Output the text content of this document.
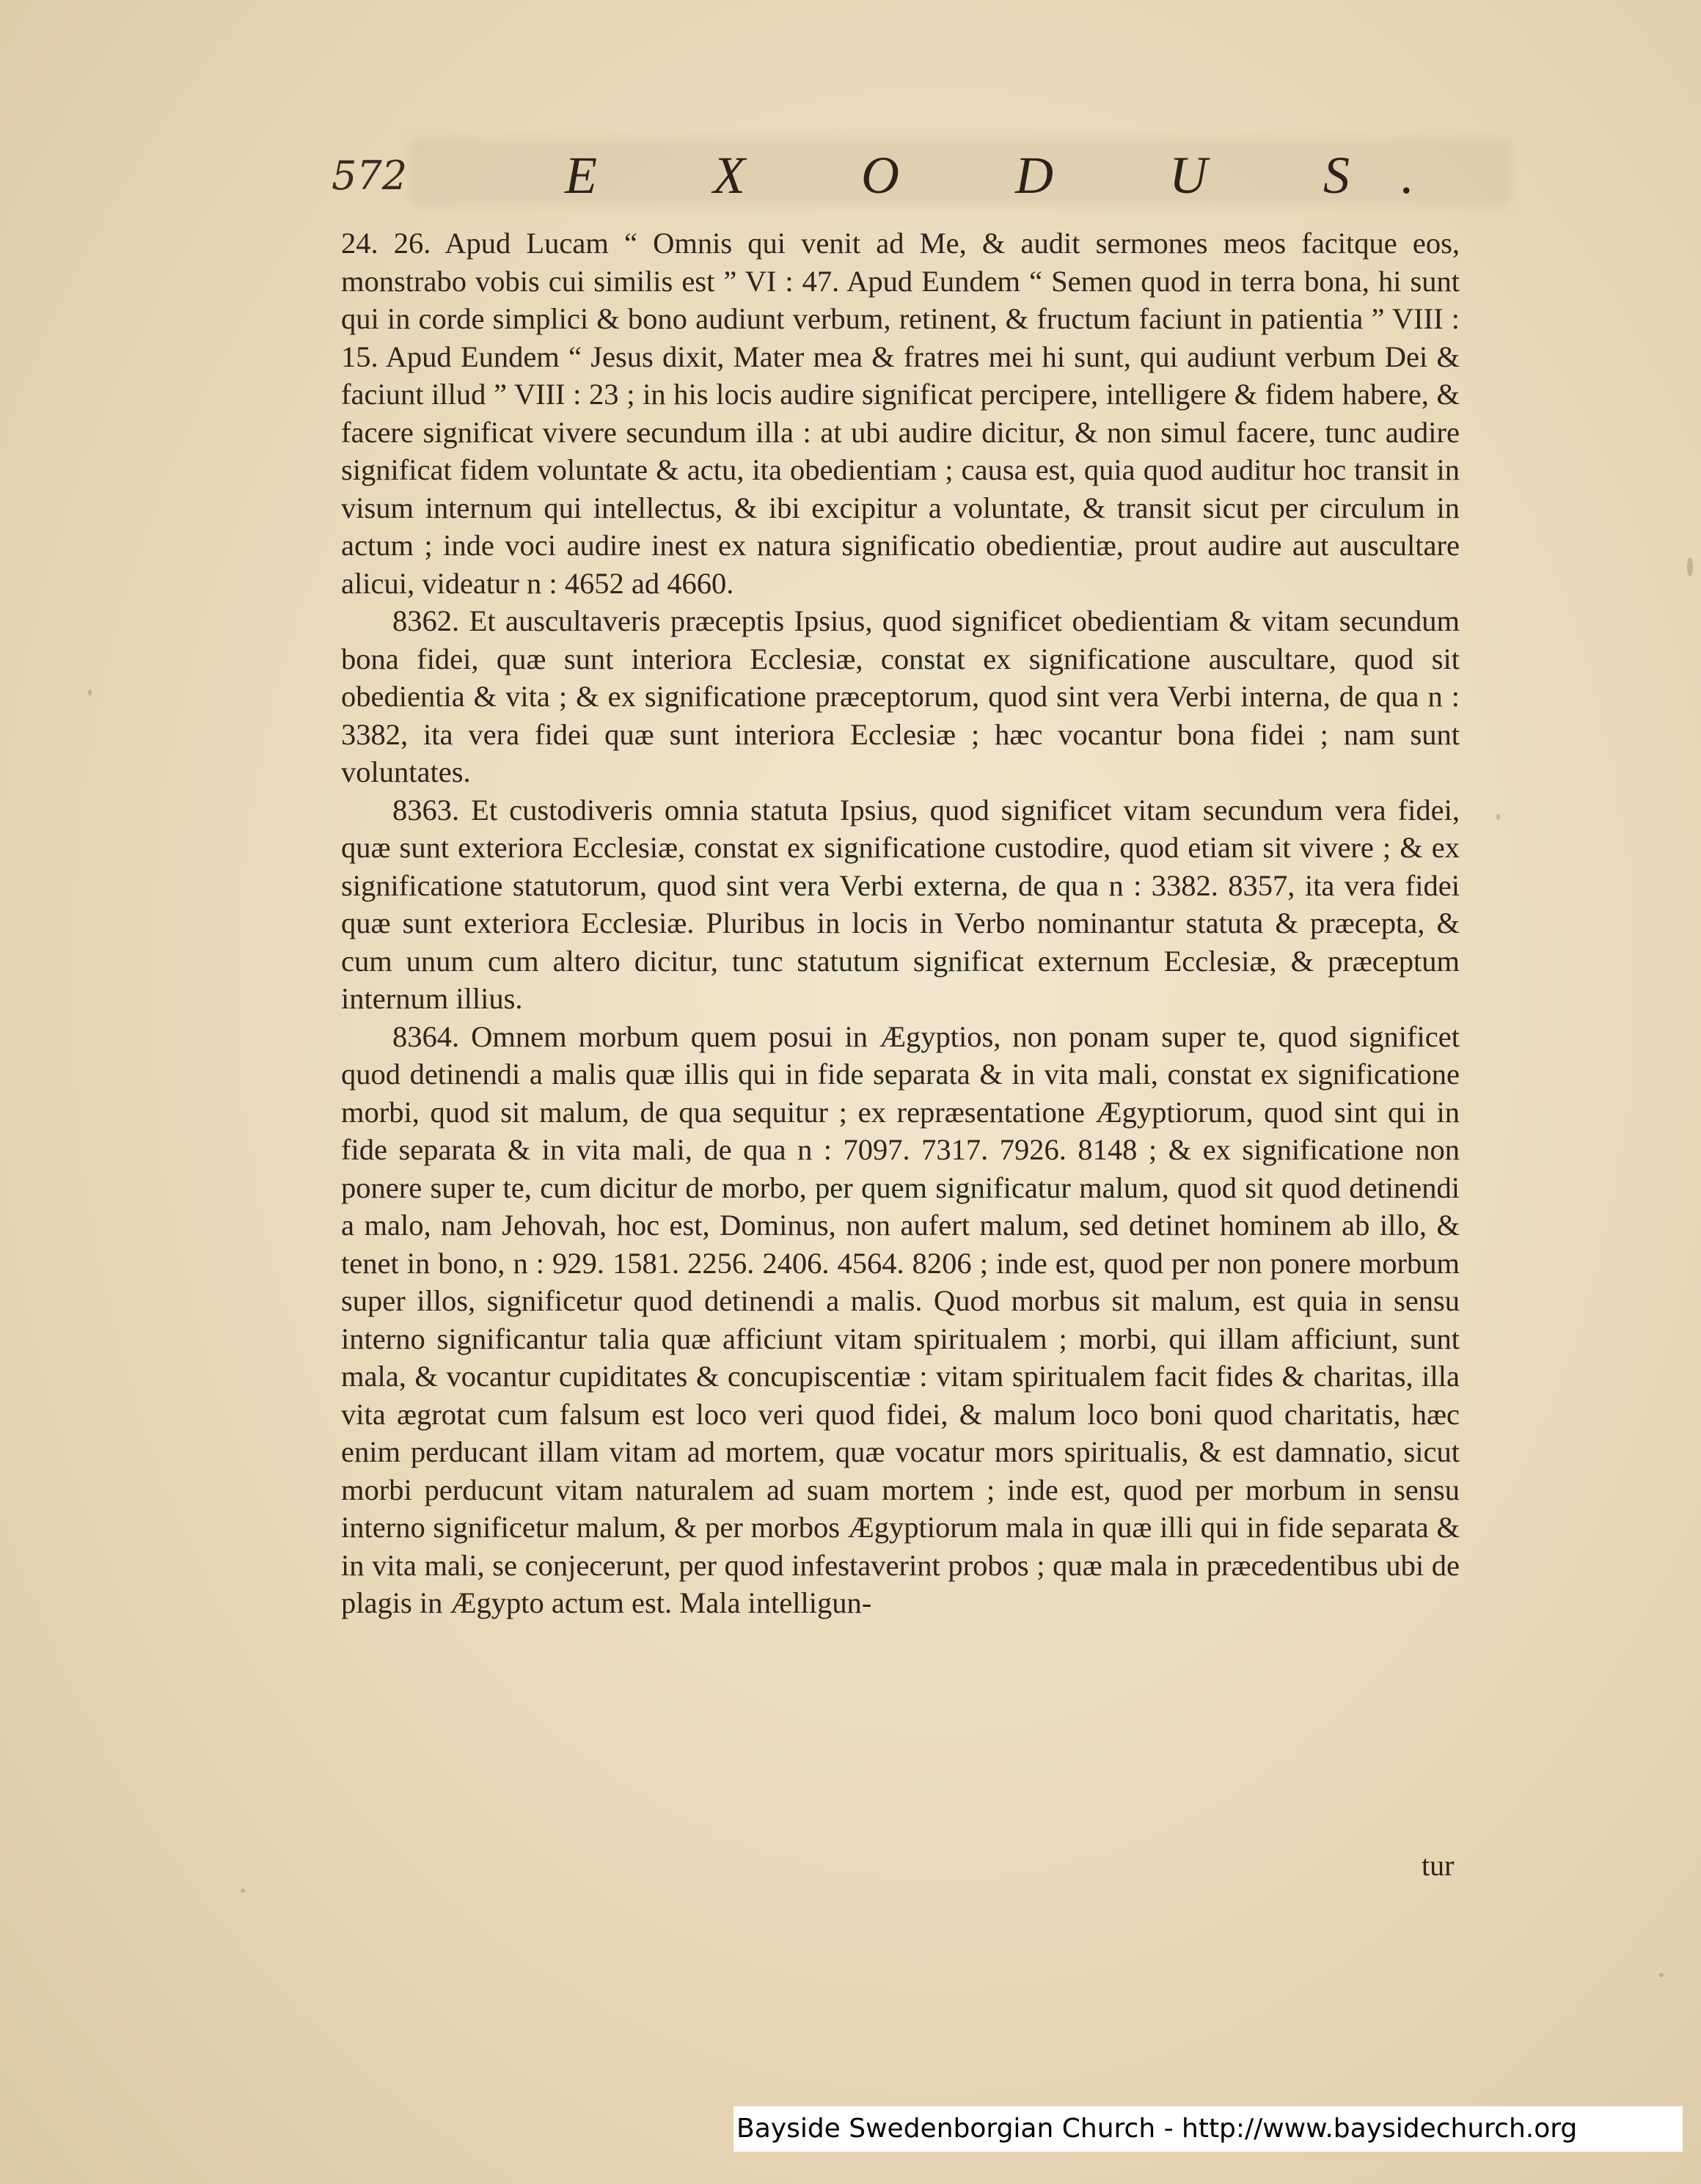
572	E X O D U S.

24. 26. Apud Lucam “ Omnis qui venit ad Me, & audit sermones meos facitque eos, monstrabo vobis cui similis est ” VI : 47. Apud Eundem “ Semen quod in terra bona, hi sunt qui in corde simplici & bono audiunt verbum, retinent, & fructum faciunt in patientia ” VIII : 15. Apud Eundem “ Jesus dixit, Mater mea & fratres mei hi sunt, qui audiunt verbum Dei & faciunt illud ” VIII : 23 ; in his locis audire significat percipere, intelligere & fidem habere, & facere significat vivere secundum illa : at ubi audire dicitur, & non simul facere, tunc audire significat fidem voluntate & actu, ita obedientiam ; causa est, quia quod auditur hoc transit in visum internum qui intellectus, & ibi excipitur a voluntate, & transit sicut per circulum in actum ; inde voci audire inest ex natura significatio obedientiæ, prout audire aut auscultare alicui, videatur n : 4652 ad 4660.

8362. Et auscultaveris præceptis Ipsius, quod significet obedientiam & vitam secundum bona fidei, quæ sunt interiora Ecclesiæ, constat ex significatione auscultare, quod sit obedientia & vita ; & ex significatione præceptorum, quod sint vera Verbi interna, de qua n : 3382, ita vera fidei quæ sunt interiora Ecclesiæ ; hæc vocantur bona fidei ; nam sunt voluntates.

8363. Et custodiveris omnia statuta Ipsius, quod significet vitam secundum vera fidei, quæ sunt exteriora Ecclesiæ, constat ex significatione custodire, quod etiam sit vivere ; & ex significatione statutorum, quod sint vera Verbi externa, de qua n : 3382. 8357, ita vera fidei quæ sunt exteriora Ecclesiæ. Pluribus in locis in Verbo nominantur statuta & præcepta, & cum unum cum altero dicitur, tunc statutum significat externum Ecclesiæ, & præceptum internum illius.

8364. Omnem morbum quem posui in Ægyptios, non ponam super te, quod significet quod detinendi a malis quæ illis qui in fide separata & in vita mali, constat ex significatione morbi, quod sit malum, de qua sequitur ; ex repræsentatione Ægyptiorum, quod sint qui in fide separata & in vita mali, de qua n : 7097. 7317. 7926. 8148 ; & ex significatione non ponere super te, cum dicitur de morbo, per quem significatur malum, quod sit quod detinendi a malo, nam Jehovah, hoc est, Dominus, non aufert malum, sed detinet hominem ab illo, & tenet in bono, n : 929. 1581. 2256. 2406. 4564. 8206 ; inde est, quod per non ponere morbum super illos, significetur quod detinendi a malis. Quod morbus sit malum, est quia in sensu interno significantur talia quæ afficiunt vitam spiritualem ; morbi, qui illam afficiunt, sunt mala, & vocantur cupiditates & concupiscentiæ : vitam spiritualem facit fides & charitas, illa vita ægrotat cum falsum est loco veri quod fidei, & malum loco boni quod charitatis, hæc enim perducant illam vitam ad mortem, quæ vocatur mors spiritualis, & est damnatio, sicut morbi perducunt vitam naturalem ad suam mortem ; inde est, quod per morbum in sensu interno significetur malum, & per morbos Ægyptiorum mala in quæ illi qui in fide separata & in vita mali, se conjecerunt, per quod infestaverint probos ; quæ mala in præcedentibus ubi de plagis in Ægypto actum est. Mala intelligun-

tur
Bayside Swedenborgian Church - http://www.baysidechurch.org
